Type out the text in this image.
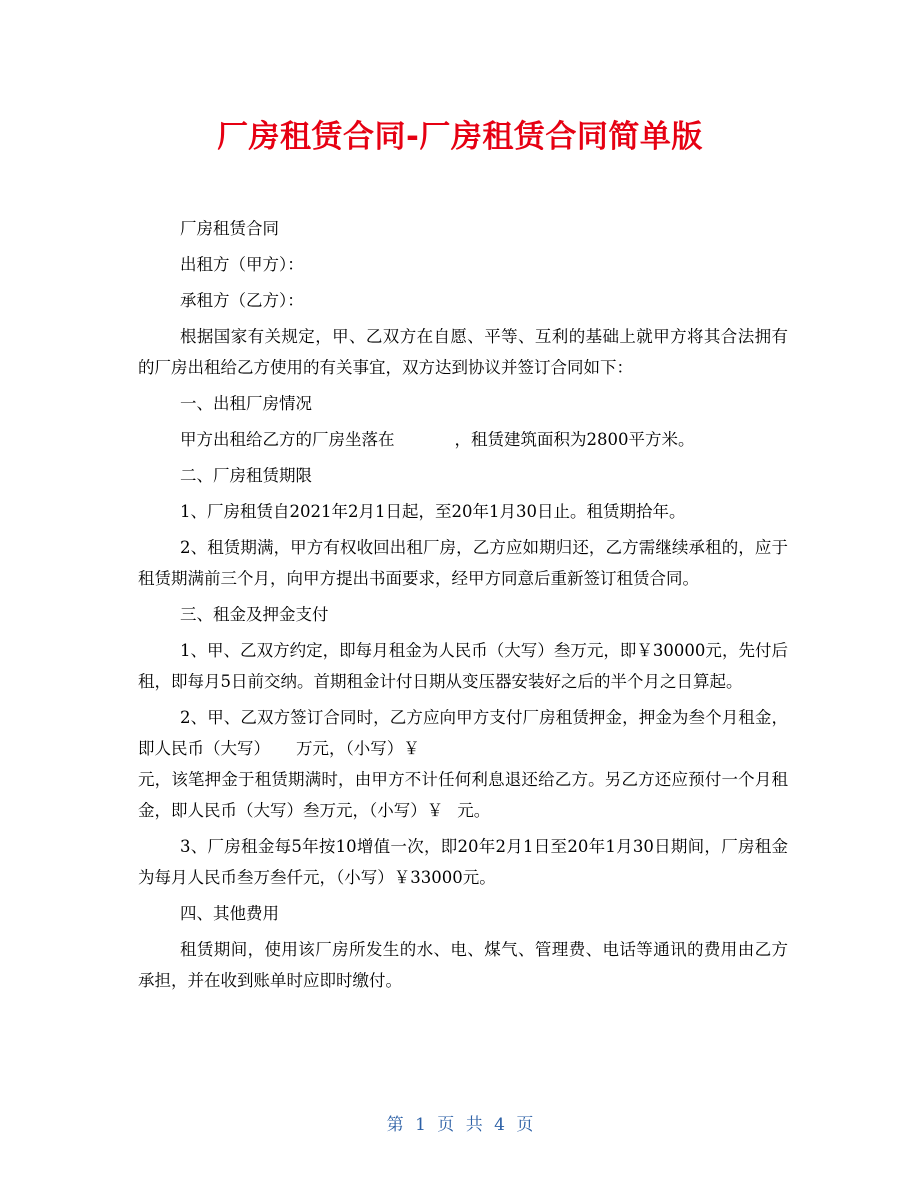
厂房租赁合同-厂房租赁合同简单版

厂房租赁合同

出租方（甲方）：

承租方（乙方）：

根据国家有关规定，甲、乙双方在自愿、平等、互利的基础上就甲方将其合法拥有的厂房出租给乙方使用的有关事宜，双方达到协议并签订合同如下：

一、出租厂房情况

甲方出租给乙方的厂房坐落在	，租赁建筑面积为2800平方米。

二、厂房租赁期限

1、厂房租赁自2021年2月1日起，至20年1月30日止。租赁期拾年。

2、租赁期满，甲方有权收回出租厂房，乙方应如期归还，乙方需继续承租的，应于租赁期满前三个月，向甲方提出书面要求，经甲方同意后重新签订租赁合同。

三、租金及押金支付

1、甲、乙双方约定，即每月租金为人民币（大写）叁万元，即￥30000元，先付后租，即每月5日前交纳。首期租金计付日期从变压器安装好之后的半个月之日算起。

2、甲、乙双方签订合同时，乙方应向甲方支付厂房租赁押金，押金为叁个月租金，即人民币（大写） 万元，（小写）￥

元，该笔押金于租赁期满时，由甲方不计任何利息退还给乙方。另乙方还应预付一个月租金，即人民币（大写）叁万元，（小写）￥ 元。

3、厂房租金每5年按10增值一次，即20年2月1日至20年1月30日期间，厂房租金为每月人民币叁万叁仟元，（小写）￥33000元。

四、其他费用

租赁期间，使用该厂房所发生的水、电、煤气、管理费、电话等通讯的费用由乙方承担，并在收到账单时应即时缴付。

第 1 页 共 4 页
